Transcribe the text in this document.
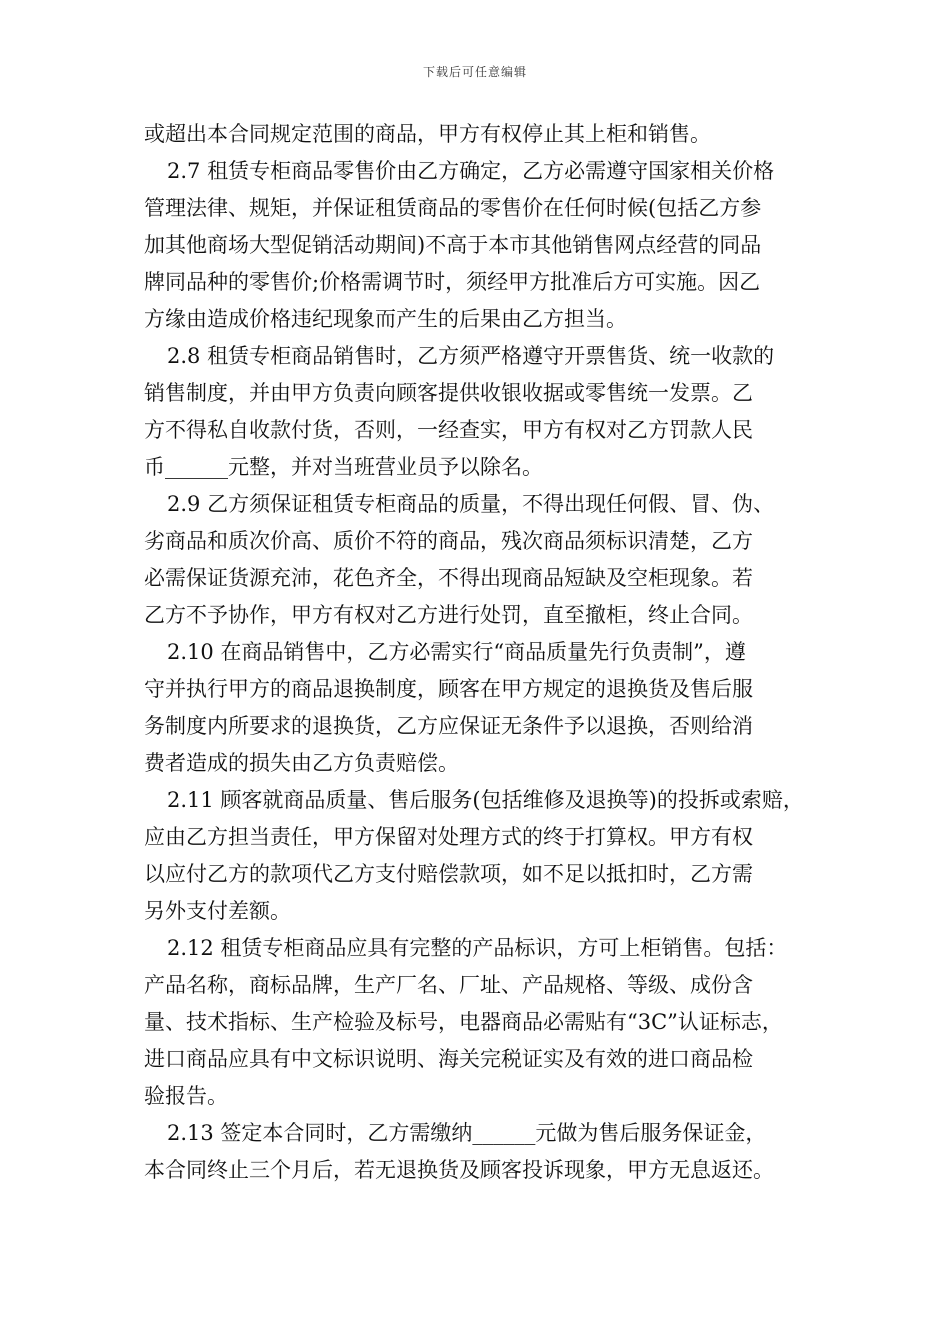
下载后可任意编辑
或超出本合同规定范围的商品，甲方有权停止其上柜和销售。
2.7 租赁专柜商品零售价由乙方确定，乙方必需遵守国家相关价格
管理法律、规矩，并保证租赁商品的零售价在任何时候(包括乙方参
加其他商场大型促销活动期间)不高于本市其他销售网点经营的同品
牌同品种的零售价;价格需调节时，须经甲方批准后方可实施。因乙
方缘由造成价格违纪现象而产生的后果由乙方担当。
2.8 租赁专柜商品销售时，乙方须严格遵守开票售货、统一收款的
销售制度，并由甲方负责向顾客提供收银收据或零售统一发票。乙
方不得私自收款付货，否则，一经查实，甲方有权对乙方罚款人民
币______元整，并对当班营业员予以除名。
2.9 乙方须保证租赁专柜商品的质量，不得出现任何假、冒、伪、
劣商品和质次价高、质价不符的商品，残次商品须标识清楚，乙方
必需保证货源充沛，花色齐全，不得出现商品短缺及空柜现象。若
乙方不予协作，甲方有权对乙方进行处罚，直至撤柜，终止合同。
2.10 在商品销售中，乙方必需实行“商品质量先行负责制”，遵
守并执行甲方的商品退换制度，顾客在甲方规定的退换货及售后服
务制度内所要求的退换货，乙方应保证无条件予以退换，否则给消
费者造成的损失由乙方负责赔偿。
2.11 顾客就商品质量、售后服务(包括维修及退换等)的投拆或索赔，
应由乙方担当责任，甲方保留对处理方式的终于打算权。甲方有权
以应付乙方的款项代乙方支付赔偿款项，如不足以抵扣时，乙方需
另外支付差额。
2.12 租赁专柜商品应具有完整的产品标识，方可上柜销售。包括：
产品名称，商标品牌，生产厂名、厂址、产品规格、等级、成份含
量、技术指标、生产检验及标号，电器商品必需贴有“3C”认证标志，
进口商品应具有中文标识说明、海关完税证实及有效的进口商品检
验报告。
2.13 签定本合同时，乙方需缴纳______元做为售后服务保证金，
本合同终止三个月后，若无退换货及顾客投诉现象，甲方无息返还。
